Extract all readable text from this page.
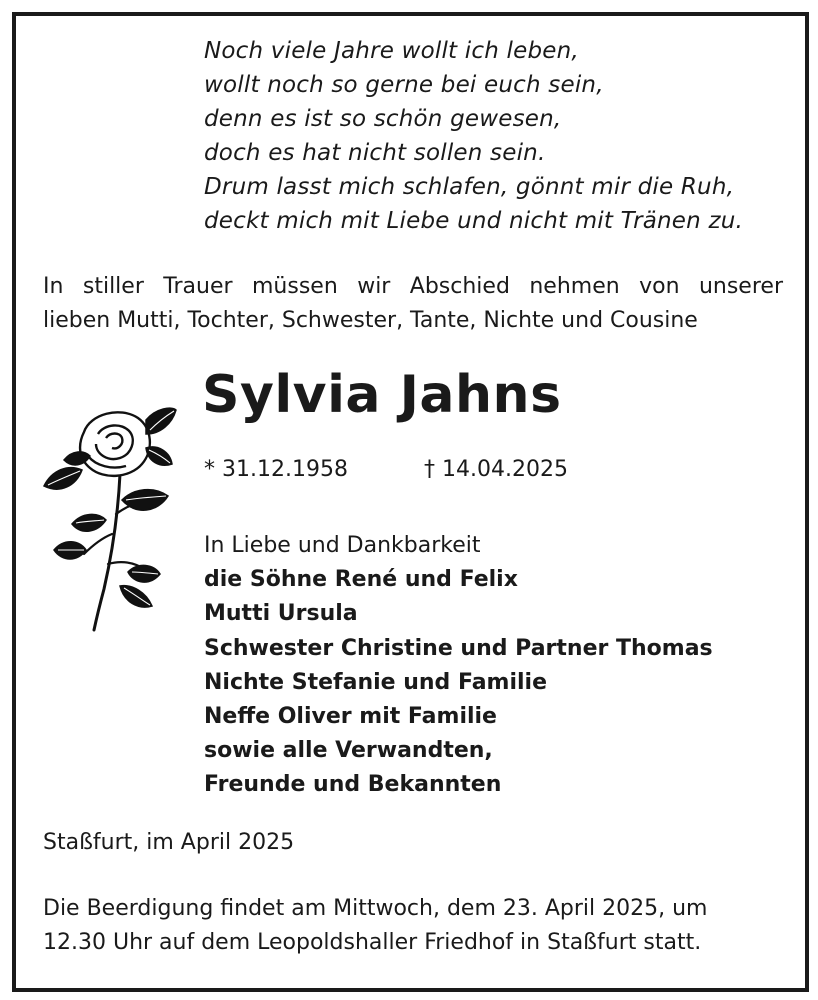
Noch viele Jahre wollt ich leben,
wollt noch so gerne bei euch sein,
denn es ist so schön gewesen,
doch es hat nicht sollen sein.
Drum lasst mich schlafen, gönnt mir die Ruh,
deckt mich mit Liebe und nicht mit Tränen zu.
In stiller Trauer müssen wir Abschied nehmen von unserer
lieben Mutti, Tochter, Schwester, Tante, Nichte und Cousine
Sylvia Jahns
* 31.12.1958	† 14.04.2025
In Liebe und Dankbarkeit
die Söhne René und Felix
Mutti Ursula
Schwester Christine und Partner Thomas
Nichte Stefanie und Familie
Neffe Oliver mit Familie
sowie alle Verwandten,
Freunde und Bekannten
Staßfurt, im April 2025
Die Beerdigung findet am Mittwoch, dem 23. April 2025, um
12.30 Uhr auf dem Leopoldshaller Friedhof in Staßfurt statt.
